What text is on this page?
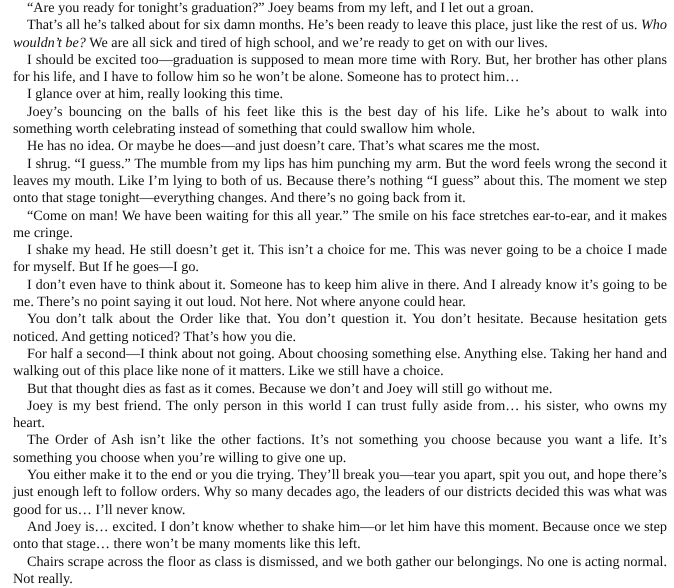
“Are you ready for tonight’s graduation?” Joey beams from my left, and I let out a groan.

That’s all he’s talked about for six damn months. He’s been ready to leave this place, just like the rest of us. Who wouldn’t be? We are all sick and tired of high school, and we’re ready to get on with our lives.

I should be excited too—graduation is supposed to mean more time with Rory. But, her brother has other plans for his life, and I have to follow him so he won’t be alone. Someone has to protect him…

I glance over at him, really looking this time.

Joey’s bouncing on the balls of his feet like this is the best day of his life. Like he’s about to walk into something worth celebrating instead of something that could swallow him whole.

He has no idea. Or maybe he does—and just doesn’t care. That’s what scares me the most.

I shrug. “I guess.” The mumble from my lips has him punching my arm. But the word feels wrong the second it leaves my mouth. Like I’m lying to both of us. Because there’s nothing “I guess” about this. The moment we step onto that stage tonight—everything changes. And there’s no going back from it.

“Come on man! We have been waiting for this all year.” The smile on his face stretches ear-to-ear, and it makes me cringe.

I shake my head. He still doesn’t get it. This isn’t a choice for me. This was never going to be a choice I made for myself. But If he goes—I go.

I don’t even have to think about it. Someone has to keep him alive in there. And I already know it’s going to be me. There’s no point saying it out loud. Not here. Not where anyone could hear.

You don’t talk about the Order like that. You don’t question it. You don’t hesitate. Because hesitation gets noticed. And getting noticed? That’s how you die.

For half a second—I think about not going. About choosing something else. Anything else. Taking her hand and walking out of this place like none of it matters. Like we still have a choice.

But that thought dies as fast as it comes. Because we don’t and Joey will still go without me.

Joey is my best friend. The only person in this world I can trust fully aside from… his sister, who owns my heart.

The Order of Ash isn’t like the other factions. It’s not something you choose because you want a life. It’s something you choose when you’re willing to give one up.

You either make it to the end or you die trying. They’ll break you—tear you apart, spit you out, and hope there’s just enough left to follow orders. Why so many decades ago, the leaders of our districts decided this was what was good for us… I’ll never know.

And Joey is… excited. I don’t know whether to shake him—or let him have this moment. Because once we step onto that stage… there won’t be many moments like this left.

Chairs scrape across the floor as class is dismissed, and we both gather our belongings. No one is acting normal. Not really.
